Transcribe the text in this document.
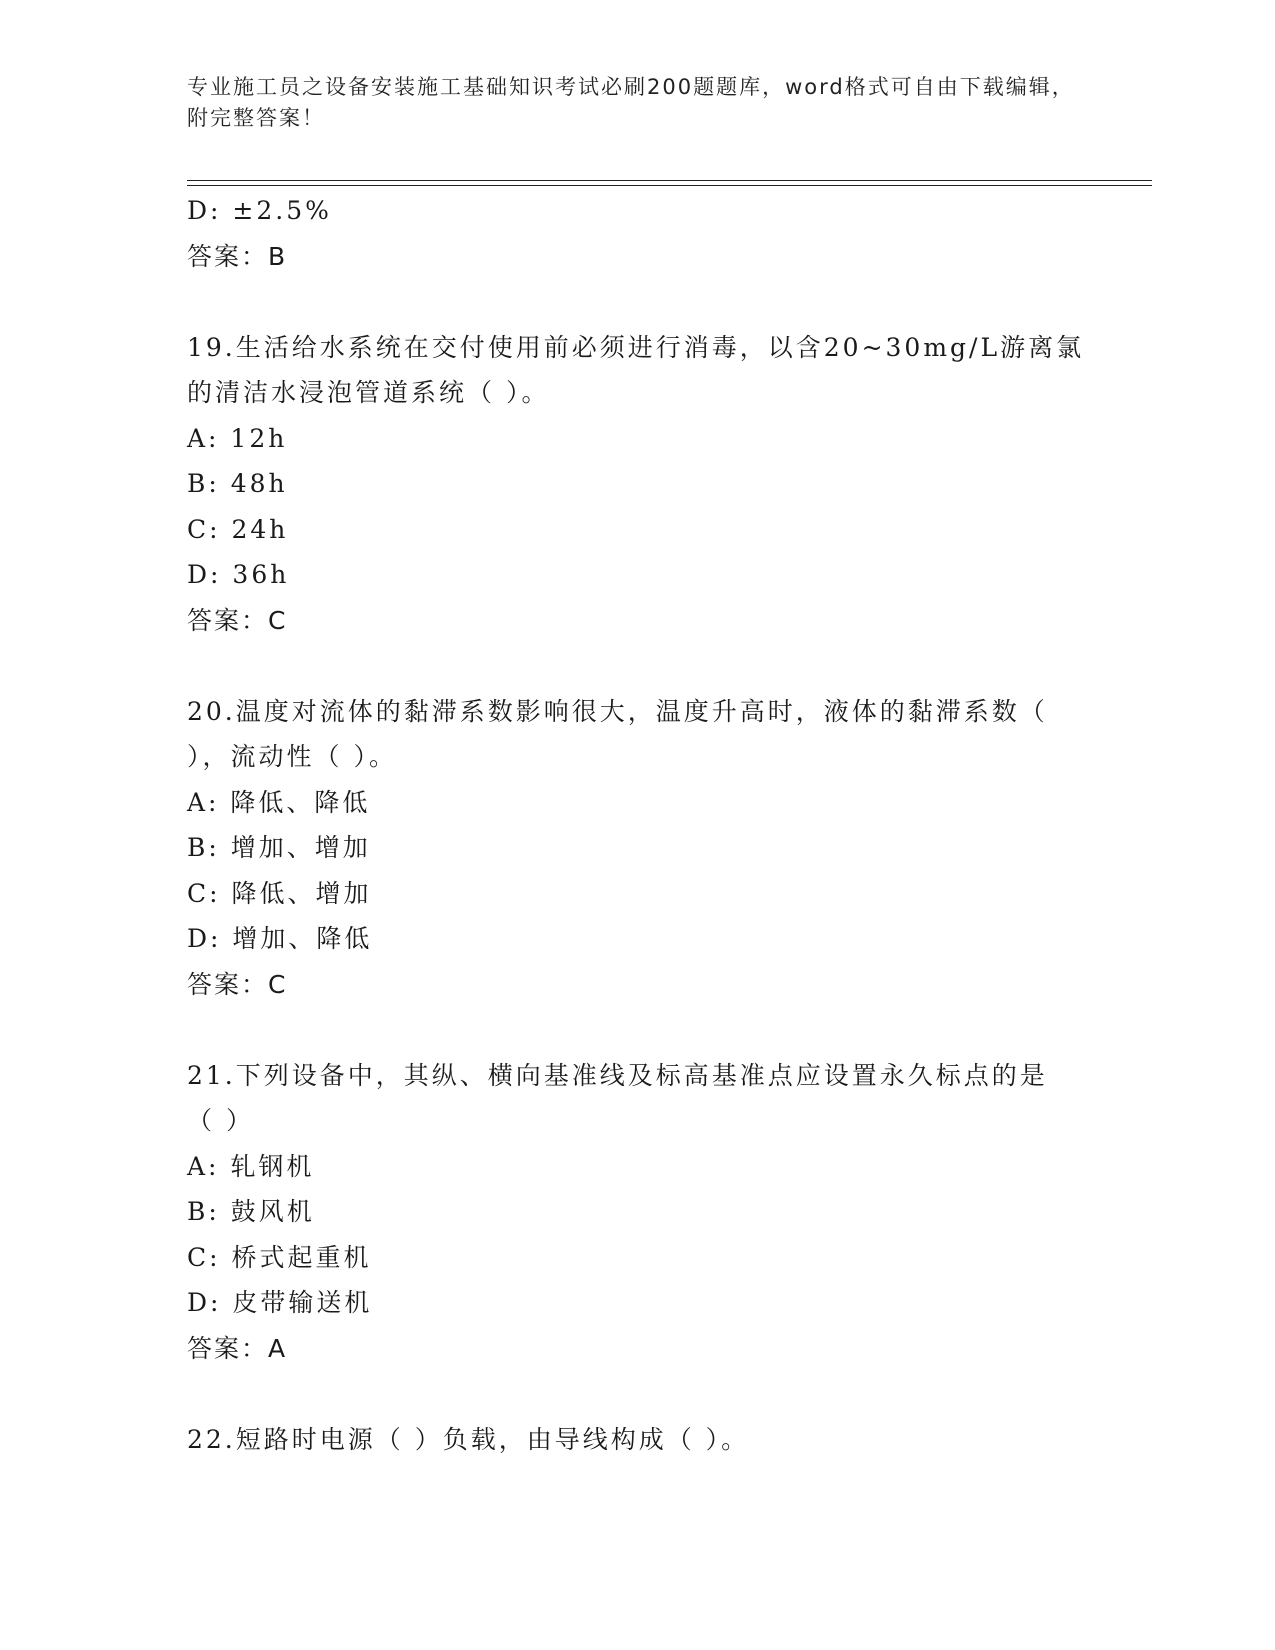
专业施工员之设备安装施工基础知识考试必刷200题题库，word格式可自由下载编辑，附完整答案！
D: ±2.5%
答案：B
19.生活给水系统在交付使用前必须进行消毒，以含20~30mg/L游离氯
的清洁水浸泡管道系统（ ）。
A: 12h
B: 48h
C: 24h
D: 36h
答案：C
20.温度对流体的黏滞系数影响很大，温度升高时，液体的黏滞系数（
），流动性（ ）。
A: 降低、降低
B: 增加、增加
C: 降低、增加
D: 增加、降低
答案：C
21.下列设备中，其纵、横向基准线及标高基准点应设置永久标点的是
（ ）
A: 轧钢机
B: 鼓风机
C: 桥式起重机
D: 皮带输送机
答案：A
22.短路时电源（ ）负载，由导线构成（ ）。
